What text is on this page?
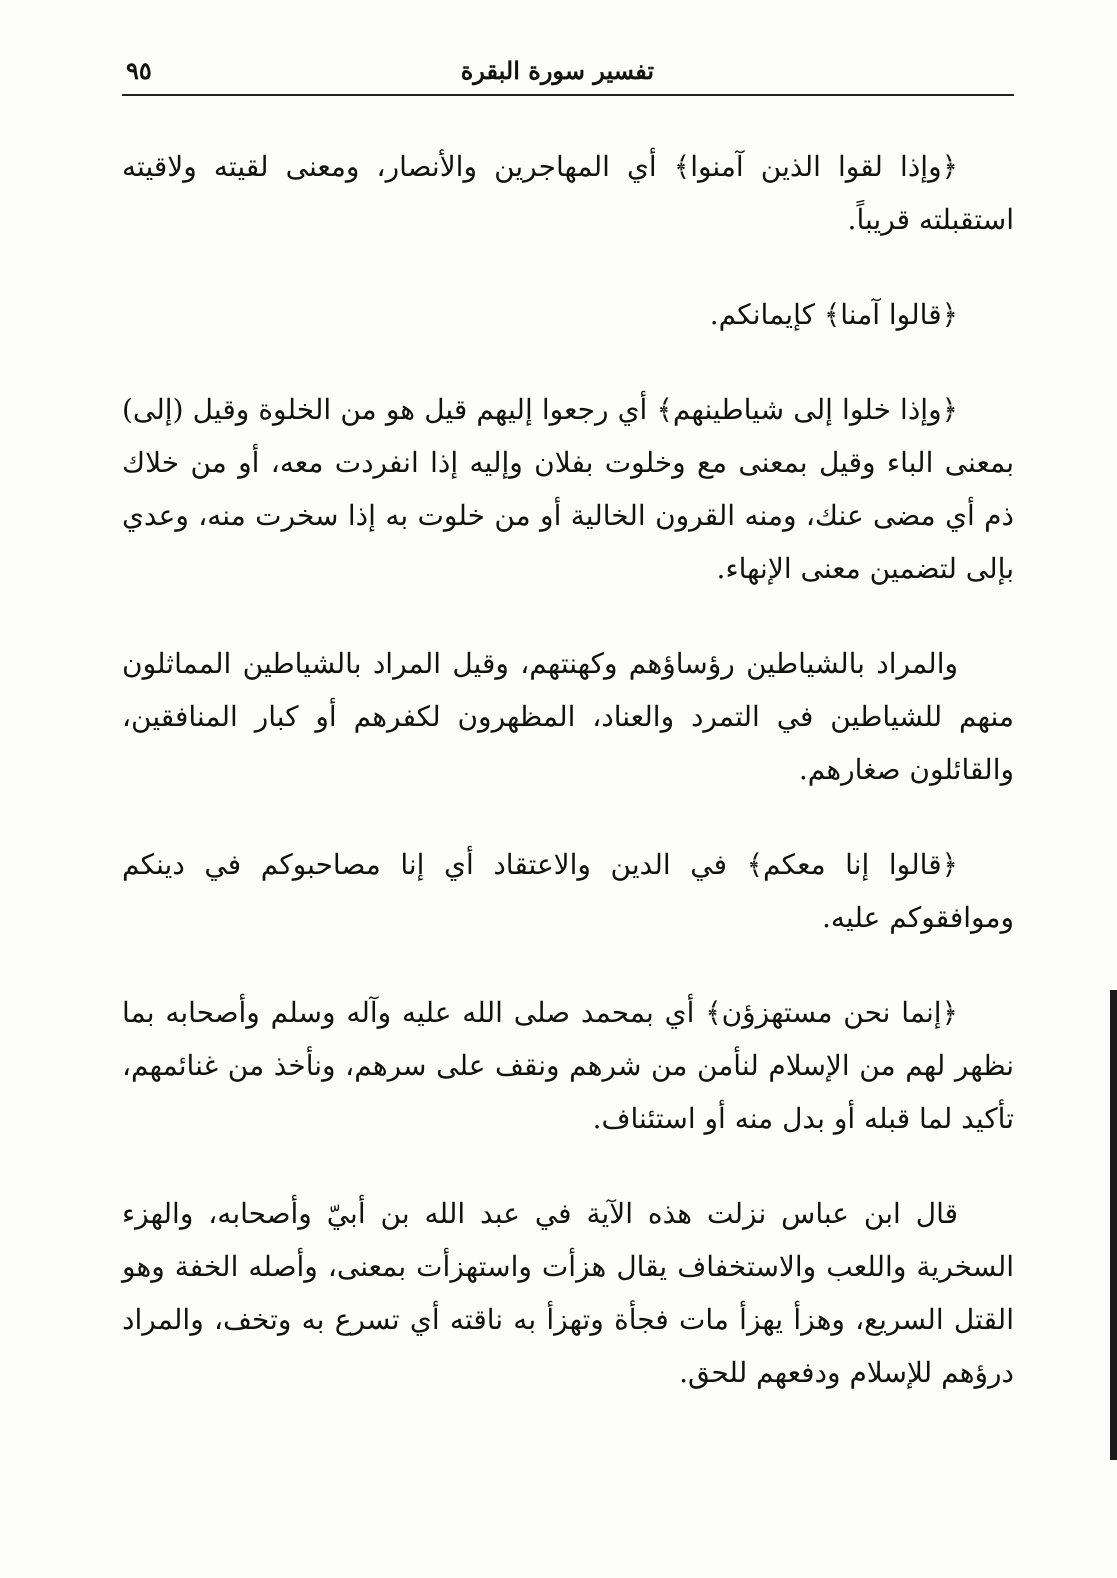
تفسير سورة البقرة
٩٥

﴿وإذا لقوا الذين آمنوا﴾ أي المهاجرين والأنصار، ومعنى لقيته ولاقيته استقبلته قريباً.

﴿قالوا آمنا﴾ كإيمانكم.

﴿وإذا خلوا إلى شياطينهم﴾ أي رجعوا إليهم قيل هو من الخلوة وقيل (إلى) بمعنى الباء وقيل بمعنى مع وخلوت بفلان وإليه إذا انفردت معه، أو من خلاك ذم أي مضى عنك، ومنه القرون الخالية أو من خلوت به إذا سخرت منه، وعدي بإلى لتضمين معنى الإنهاء.

والمراد بالشياطين رؤساؤهم وكهنتهم، وقيل المراد بالشياطين المماثلون منهم للشياطين في التمرد والعناد، المظهرون لكفرهم أو كبار المنافقين، والقائلون صغارهم.

﴿قالوا إنا معكم﴾ في الدين والاعتقاد أي إنا مصاحبوكم في دينكم وموافقوكم عليه.

﴿إنما نحن مستهزؤن﴾ أي بمحمد صلى الله عليه وآله وسلم وأصحابه بما نظهر لهم من الإسلام لنأمن من شرهم ونقف على سرهم، ونأخذ من غنائمهم، تأكيد لما قبله أو بدل منه أو استئناف.

قال ابن عباس نزلت هذه الآية في عبد الله بن أبيّ وأصحابه، والهزء السخرية واللعب والاستخفاف يقال هزأت واستهزأت بمعنى، وأصله الخفة وهو القتل السريع، وهزأ يهزأ مات فجأة وتهزأ به ناقته أي تسرع به وتخف، والمراد درؤهم للإسلام ودفعهم للحق.
